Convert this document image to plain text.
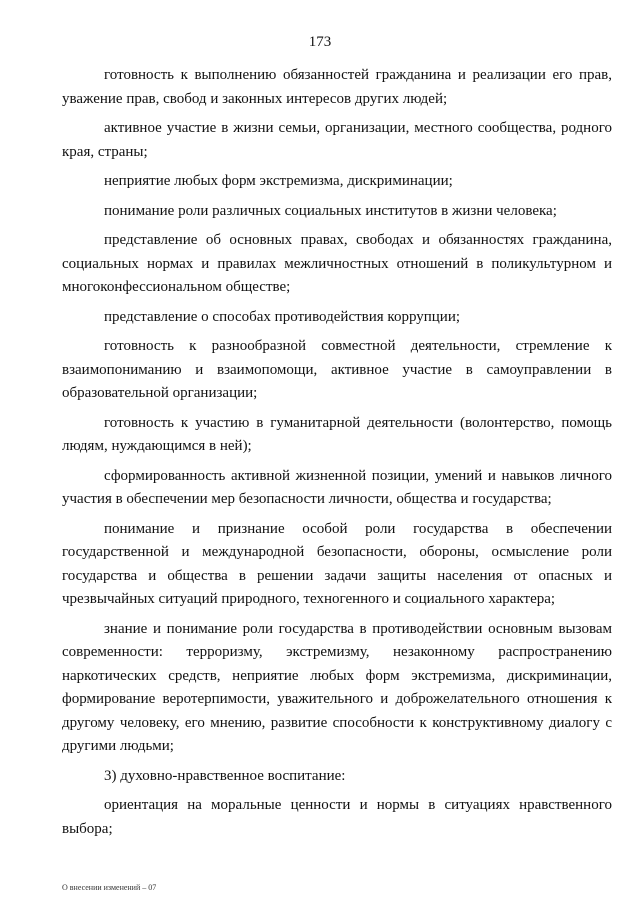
173

готовность к выполнению обязанностей гражданина и реализации его прав, уважение прав, свобод и законных интересов других людей;

активное участие в жизни семьи, организации, местного сообщества, родного края, страны;

неприятие любых форм экстремизма, дискриминации;

понимание роли различных социальных институтов в жизни человека;

представление об основных правах, свободах и обязанностях гражданина, социальных нормах и правилах межличностных отношений в поликультурном и многоконфессиональном обществе;

представление о способах противодействия коррупции;

готовность к разнообразной совместной деятельности, стремление к взаимопониманию и взаимопомощи, активное участие в самоуправлении в образовательной организации;

готовность к участию в гуманитарной деятельности (волонтерство, помощь людям, нуждающимся в ней);

сформированность активной жизненной позиции, умений и навыков личного участия в обеспечении мер безопасности личности, общества и государства;

понимание и признание особой роли государства в обеспечении государственной и международной безопасности, обороны, осмысление роли государства и общества в решении задачи защиты населения от опасных и чрезвычайных ситуаций природного, техногенного и социального характера;

знание и понимание роли государства в противодействии основным вызовам современности: терроризму, экстремизму, незаконному распространению наркотических средств, неприятие любых форм экстремизма, дискриминации, формирование веротерпимости, уважительного и доброжелательного отношения к другому человеку, его мнению, развитие способности к конструктивному диалогу с другими людьми;

3) духовно-нравственное воспитание:

ориентация на моральные ценности и нормы в ситуациях нравственного выбора;

О внесении изменений – 07
